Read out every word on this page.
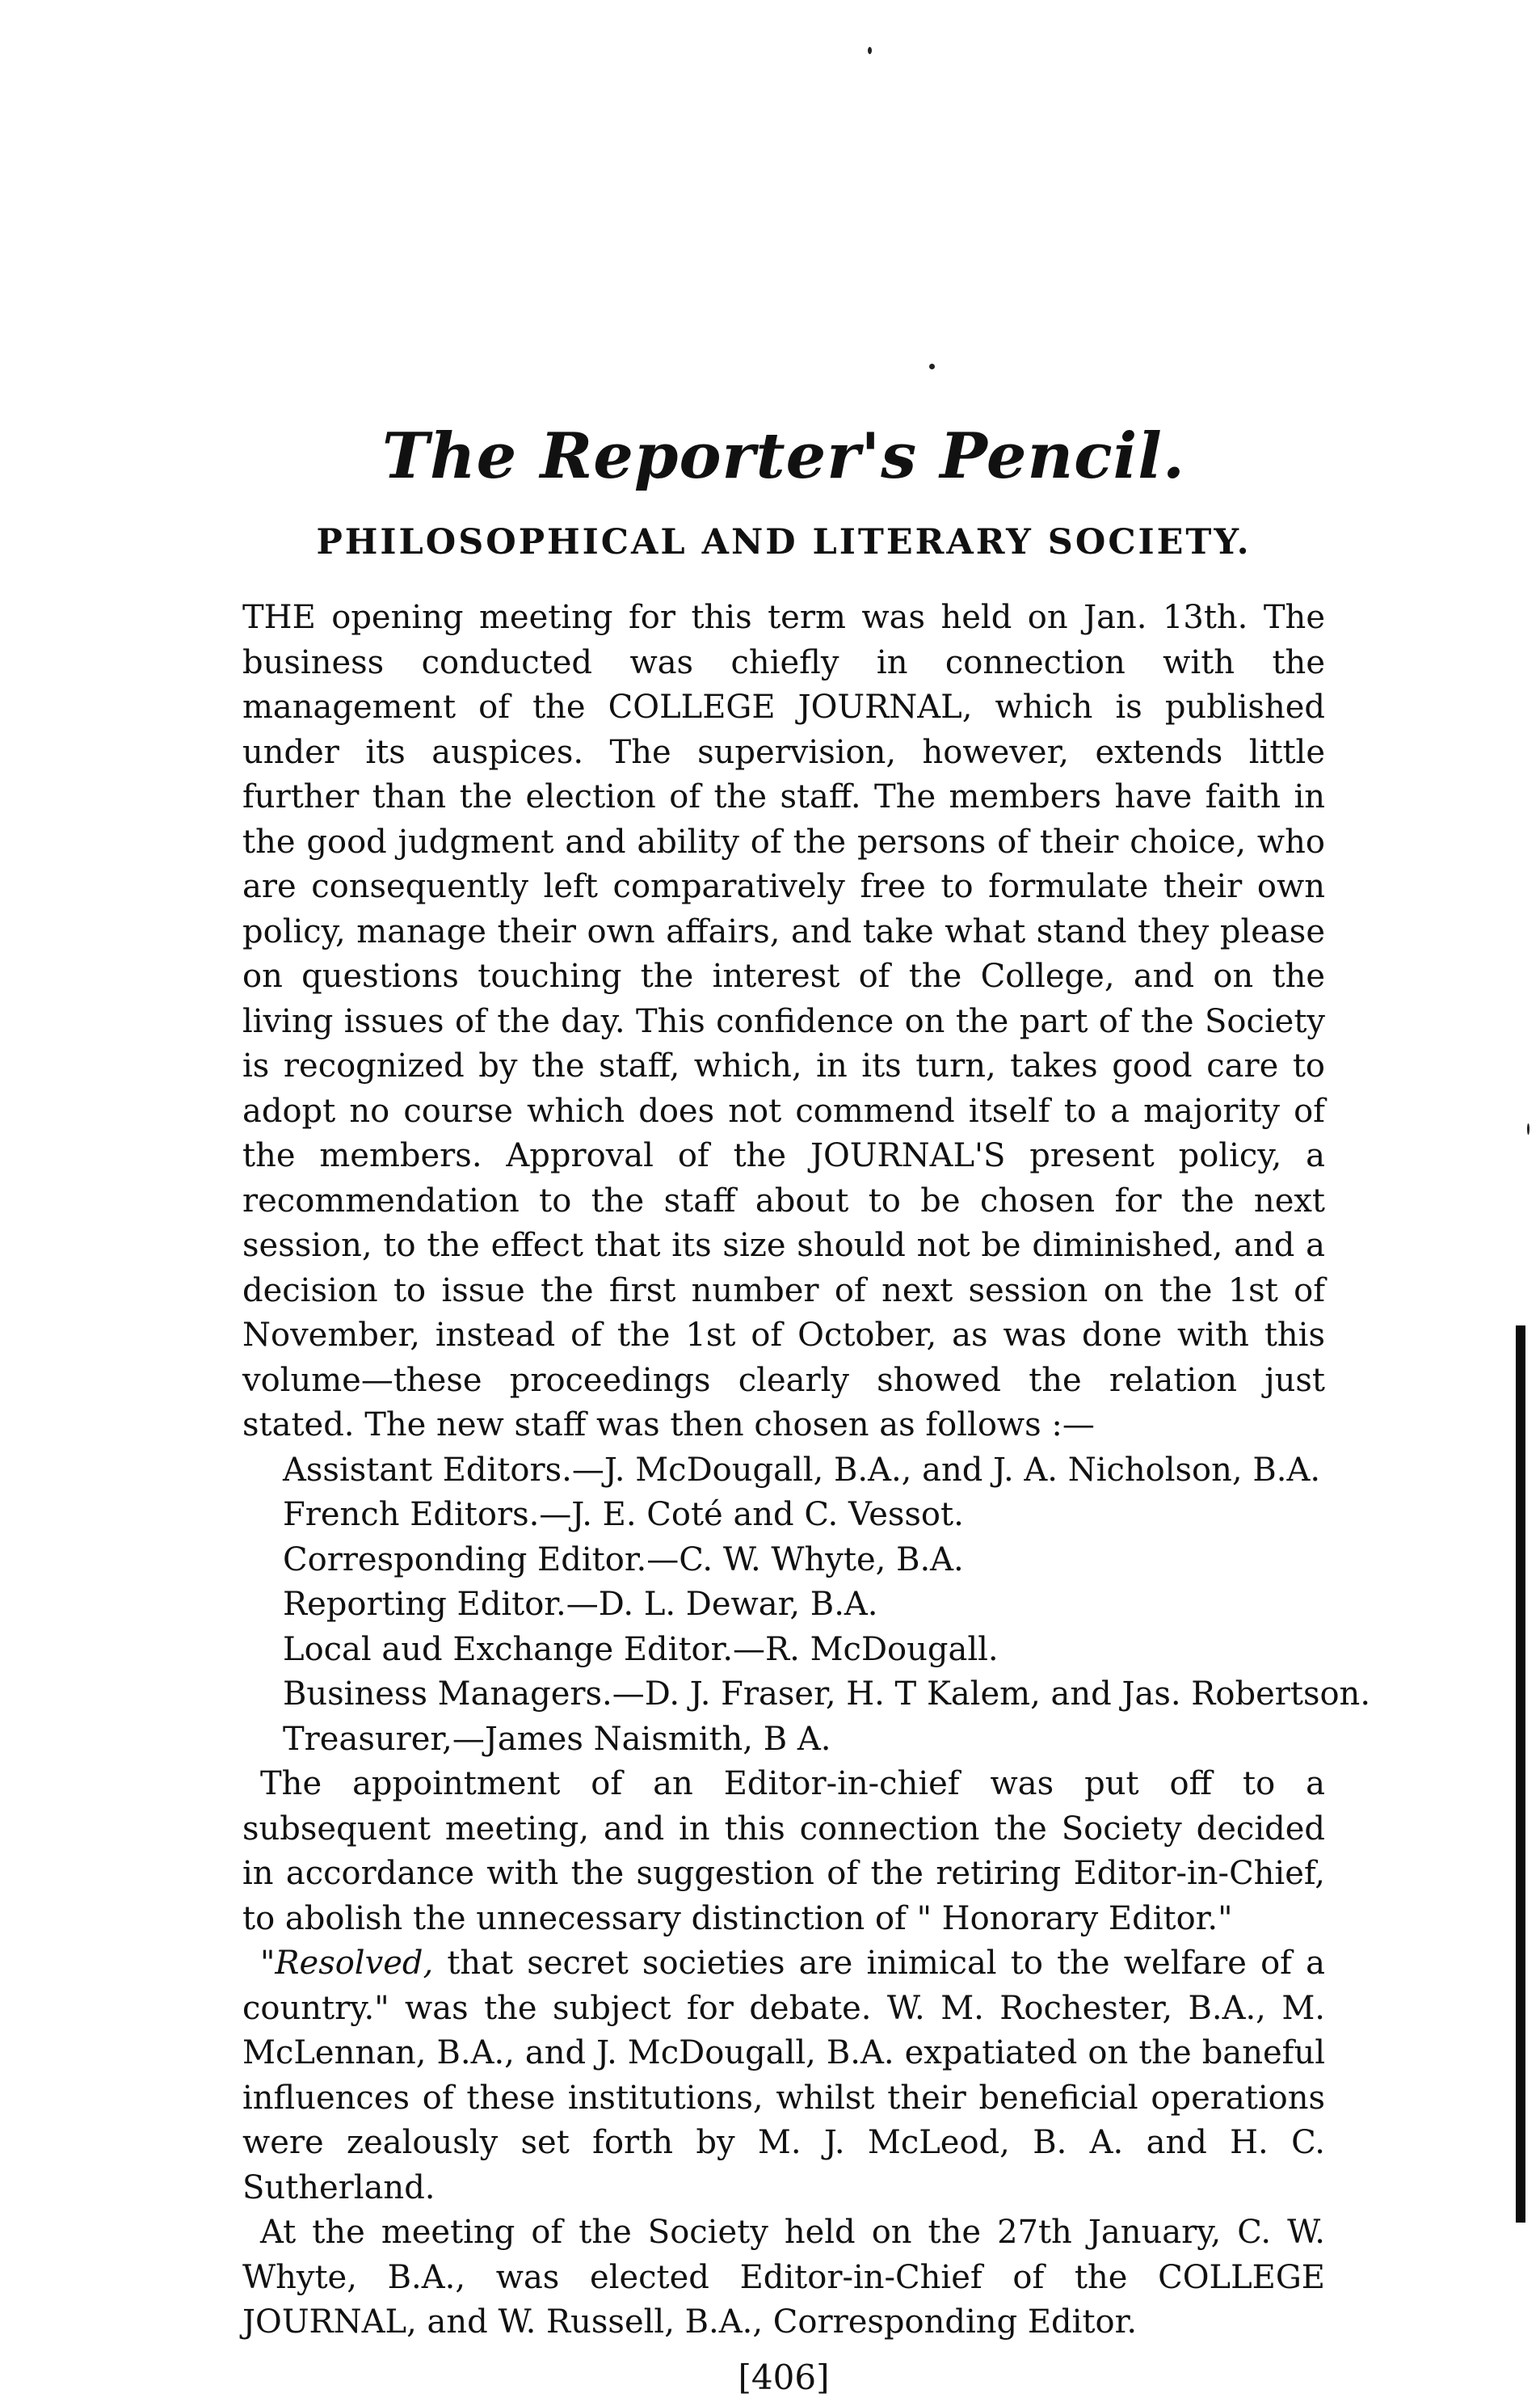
The Reporter's Pencil.
PHILOSOPHICAL AND LITERARY SOCIETY.

THE opening meeting for this term was held on Jan. 13th. The business conducted was chiefly in connection with the management of the COLLEGE JOURNAL, which is published under its auspices. The supervision, however, extends little further than the election of the staff. The members have faith in the good judgment and ability of the persons of their choice, who are consequently left comparatively free to formulate their own policy, manage their own affairs, and take what stand they please on questions touching the interest of the College, and on the living issues of the day. This confidence on the part of the Society is recognized by the staff, which, in its turn, takes good care to adopt no course which does not commend itself to a majority of the members. Approval of the JOURNAL'S present policy, a recommendation to the staff about to be chosen for the next session, to the effect that its size should not be diminished, and a decision to issue the first number of next session on the 1st of November, instead of the 1st of October, as was done with this volume—these proceedings clearly showed the relation just stated. The new staff was then chosen as follows :—

Assistant Editors.—J. McDougall, B.A., and J. A. Nicholson, B.A.
French Editors.—J. E. Coté and C. Vessot.
Corresponding Editor.—C. W. Whyte, B.A.
Reporting Editor.—D. L. Dewar, B.A.
Local aud Exchange Editor.—R. McDougall.
Business Managers.—D. J. Fraser, H. T Kalem, and Jas. Robertson.
Treasurer,—James Naismith, B A.

The appointment of an Editor-in-chief was put off to a subsequent meeting, and in this connection the Society decided in accordance with the suggestion of the retiring Editor-in-Chief, to abolish the unnecessary distinction of " Honorary Editor."

"Resolved, that secret societies are inimical to the welfare of a country." was the subject for debate. W. M. Rochester, B.A., M. McLennan, B.A., and J. McDougall, B.A. expatiated on the baneful influences of these institutions, whilst their beneficial operations were zealously set forth by M. J. McLeod, B. A. and H. C. Sutherland.

At the meeting of the Society held on the 27th January, C. W. Whyte, B.A., was elected Editor-in-Chief of the COLLEGE JOURNAL, and W. Russell, B.A., Corresponding Editor.

[406]
